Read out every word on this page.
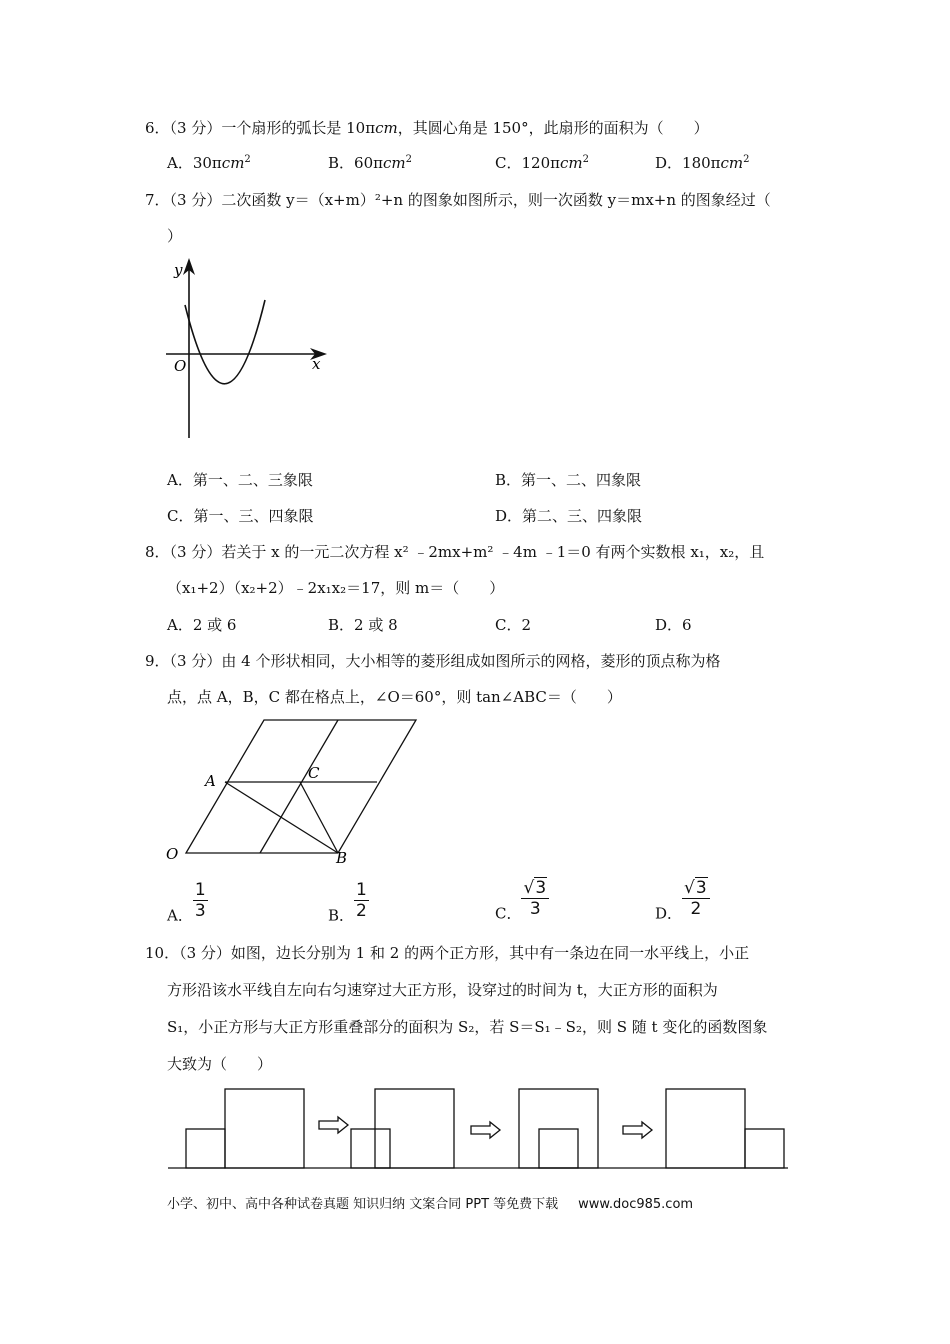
6．（3 分）一个扇形的弧长是 10πcm，其圆心角是 150°，此扇形的面积为（　　）
A．30πcm$^2$	B．60πcm$^2$	C．120πcm$^2$	D．180πcm$^2$
7．（3 分）二次函数 y＝（x+m）²+n 的图象如图所示，则一次函数 y＝mx+n 的图象经过（
）
y
x
O
A．第一、二、三象限	B．第一、二、四象限
C．第一、三、四象限	D．第二、三、四象限
8．（3 分）若关于 x 的一元二次方程 x² ﹣2mx+m² ﹣4m ﹣1＝0 有两个实数根 x₁，x₂，且
（x₁+2）（x₂+2）﹣2x₁x₂＝17，则 m＝（　　）
A．2 或 6	B．2 或 8	C．2	D．6
9．（3 分）由 4 个形状相同，大小相等的菱形组成如图所示的网格，菱形的顶点称为格
点，点 A，B，C 都在格点上，∠O＝60°，则 tan∠ABC＝（　　）
A	C
O	B
A． $\frac{1}{3}$	B． $\frac{1}{2}$	C． $\frac{√3}{3}$	D． $\frac{√3}{2}$
10．（3 分）如图，边长分别为 1 和 2 的两个正方形，其中有一条边在同一水平线上，小正
方形沿该水平线自左向右匀速穿过大正方形，设穿过的时间为 t，大正方形的面积为
S₁，小正方形与大正方形重叠部分的面积为 S₂，若 S＝S₁﹣S₂，则 S 随 t 变化的函数图象
大致为（　　）
小学、初中、高中各种试卷真题 知识归纳 文案合同 PPT 等免费下载 www.doc985.com
